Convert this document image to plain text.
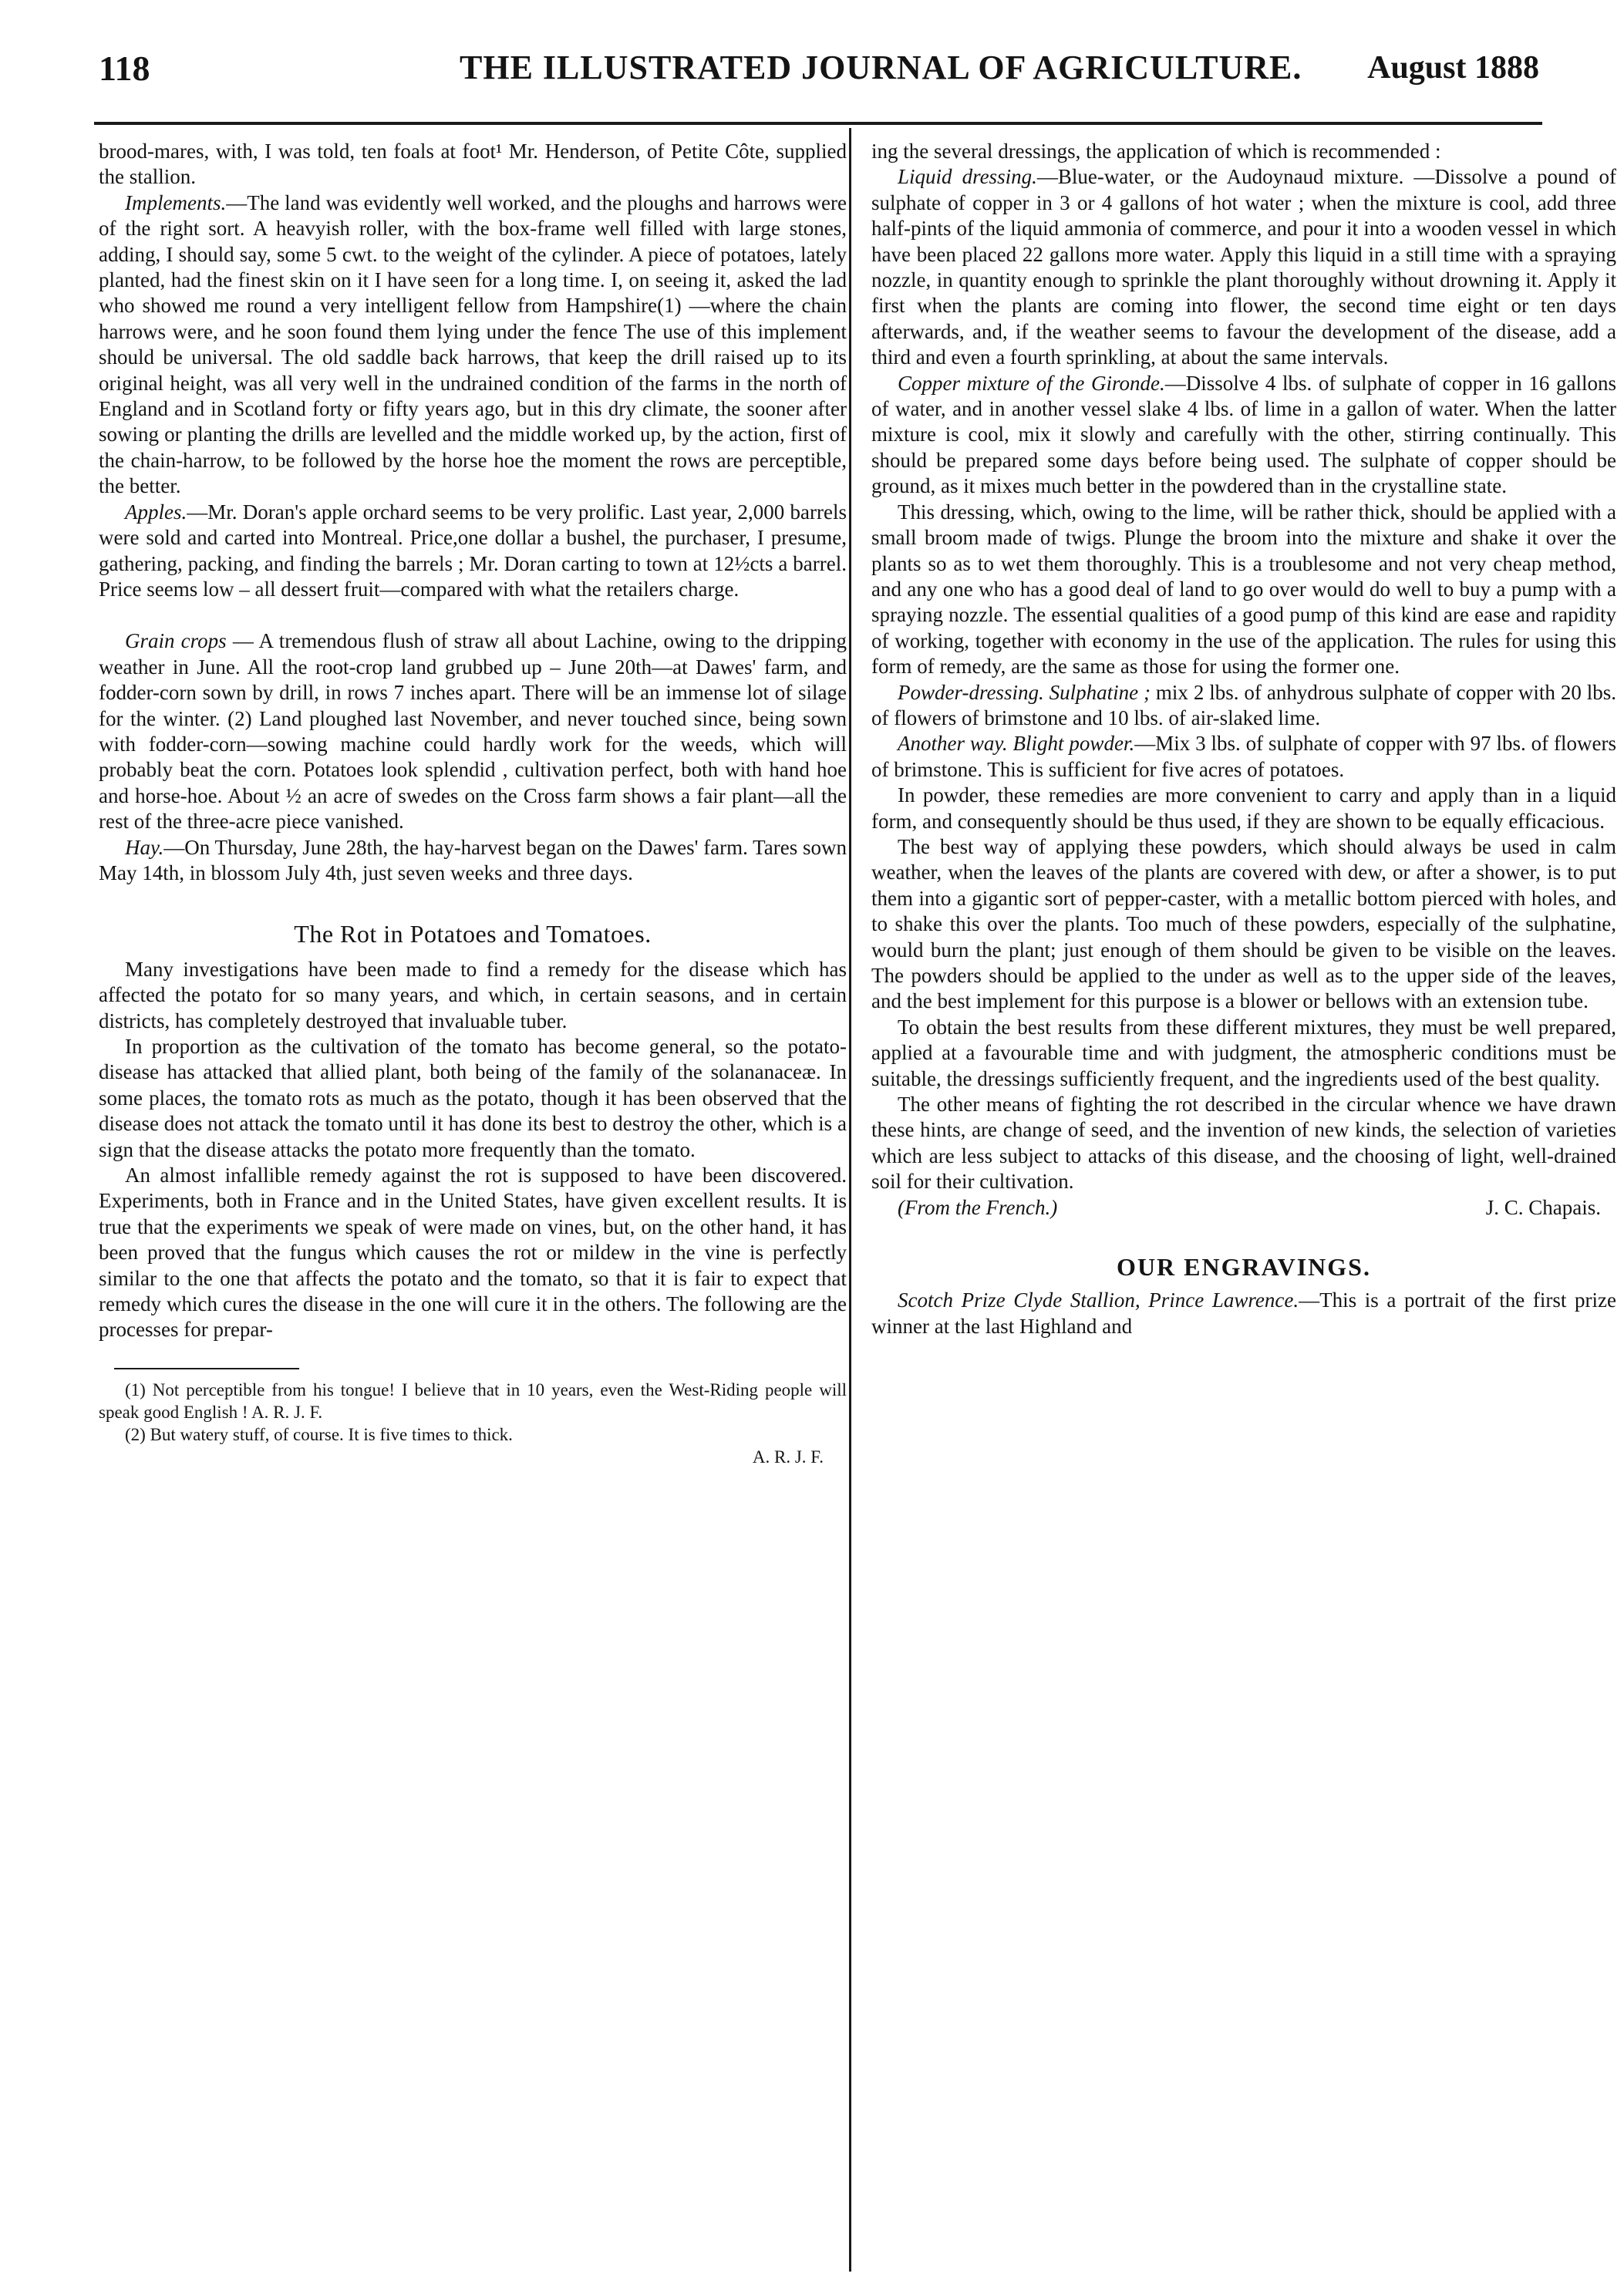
118	THE ILLUSTRATED JOURNAL OF AGRICULTURE. August 1888

brood-mares, with, I was told, ten foals at foot¹ Mr. Henderson, of Petite Côte, supplied the stallion.

Implements.—The land was evidently well worked, and the ploughs and harrows were of the right sort. A heavyish roller, with the box-frame well filled with large stones, adding, I should say, some 5 cwt. to the weight of the cylinder. A piece of potatoes, lately planted, had the finest skin on it I have seen for a long time. I, on seeing it, asked the lad who showed me round a very intelligent fellow from Hampshire(1) —where the chain harrows were, and he soon found them lying under the fence The use of this implement should be universal. The old saddle back harrows, that keep the drill raised up to its original height, was all very well in the undrained condition of the farms in the north of England and in Scotland forty or fifty years ago, but in this dry climate, the sooner after sowing or planting the drills are levelled and the middle worked up, by the action, first of the chain-harrow, to be followed by the horse hoe the moment the rows are perceptible, the better.

Apples.—Mr. Doran's apple orchard seems to be very prolific. Last year, 2,000 barrels were sold and carted into Montreal. Price,one dollar a bushel, the purchaser, I presume, gathering, packing, and finding the barrels ; Mr. Doran carting to town at 12½cts a barrel. Price seems low – all dessert fruit—compared with what the retailers charge.

Grain crops — A tremendous flush of straw all about Lachine, owing to the dripping weather in June. All the root-crop land grubbed up – June 20th—at Dawes' farm, and fodder-corn sown by drill, in rows 7 inches apart. There will be an immense lot of silage for the winter. (2) Land ploughed last November, and never touched since, being sown with fodder-corn—sowing machine could hardly work for the weeds, which will probably beat the corn. Potatoes look splendid , cultivation perfect, both with hand hoe and horse-hoe. About ½ an acre of swedes on the Cross farm shows a fair plant—all the rest of the three-acre piece vanished.

Hay.—On Thursday, June 28th, the hay-harvest began on the Dawes' farm. Tares sown May 14th, in blossom July 4th, just seven weeks and three days.

The Rot in Potatoes and Tomatoes.

Many investigations have been made to find a remedy for the disease which has affected the potato for so many years, and which, in certain seasons, and in certain districts, has completely destroyed that invaluable tuber.

In proportion as the cultivation of the tomato has become general, so the potato-disease has attacked that allied plant, both being of the family of the solananaceæ. In some places, the tomato rots as much as the potato, though it has been observed that the disease does not attack the tomato until it has done its best to destroy the other, which is a sign that the disease attacks the potato more frequently than the tomato.

An almost infallible remedy against the rot is supposed to have been discovered. Experiments, both in France and in the United States, have given excellent results. It is true that the experiments we speak of were made on vines, but, on the other hand, it has been proved that the fungus which causes the rot or mildew in the vine is perfectly similar to the one that affects the potato and the tomato, so that it is fair to expect that remedy which cures the disease in the one will cure it in the others. The following are the processes for prepar-

(1) Not perceptible from his tongue! I believe that in 10 years, even the West-Riding people will speak good English ! A. R. J. F.
(2) But watery stuff, of course. It is five times to thick.
A. R. J. F.

ing the several dressings, the application of which is recommended :

Liquid dressing.—Blue-water, or the Audoynaud mixture. —Dissolve a pound of sulphate of copper in 3 or 4 gallons of hot water ; when the mixture is cool, add three half-pints of the liquid ammonia of commerce, and pour it into a wooden vessel in which have been placed 22 gallons more water. Apply this liquid in a still time with a spraying nozzle, in quantity enough to sprinkle the plant thoroughly without drowning it. Apply it first when the plants are coming into flower, the second time eight or ten days afterwards, and, if the weather seems to favour the development of the disease, add a third and even a fourth sprinkling, at about the same intervals.

Copper mixture of the Gironde.—Dissolve 4 lbs. of sulphate of copper in 16 gallons of water, and in another vessel slake 4 lbs. of lime in a gallon of water. When the latter mixture is cool, mix it slowly and carefully with the other, stirring continually. This should be prepared some days before being used. The sulphate of copper should be ground, as it mixes much better in the powdered than in the crystalline state.

This dressing, which, owing to the lime, will be rather thick, should be applied with a small broom made of twigs. Plunge the broom into the mixture and shake it over the plants so as to wet them thoroughly. This is a troublesome and not very cheap method, and any one who has a good deal of land to go over would do well to buy a pump with a spraying nozzle. The essential qualities of a good pump of this kind are ease and rapidity of working, together with economy in the use of the application. The rules for using this form of remedy, are the same as those for using the former one.

Powder-dressing. Sulphatine ; mix 2 lbs. of anhydrous sulphate of copper with 20 lbs. of flowers of brimstone and 10 lbs. of air-slaked lime.

Another way. Blight powder.—Mix 3 lbs. of sulphate of copper with 97 lbs. of flowers of brimstone. This is sufficient for five acres of potatoes.

In powder, these remedies are more convenient to carry and apply than in a liquid form, and consequently should be thus used, if they are shown to be equally efficacious.

The best way of applying these powders, which should always be used in calm weather, when the leaves of the plants are covered with dew, or after a shower, is to put them into a gigantic sort of pepper-caster, with a metallic bottom pierced with holes, and to shake this over the plants. Too much of these powders, especially of the sulphatine, would burn the plant; just enough of them should be given to be visible on the leaves. The powders should be applied to the under as well as to the upper side of the leaves, and the best implement for this purpose is a blower or bellows with an extension tube.

To obtain the best results from these different mixtures, they must be well prepared, applied at a favourable time and with judgment, the atmospheric conditions must be suitable, the dressings sufficiently frequent, and the ingredients used of the best quality.

The other means of fighting the rot described in the circular whence we have drawn these hints, are change of seed, and the invention of new kinds, the selection of varieties which are less subject to attacks of this disease, and the choosing of light, well-drained soil for their cultivation.

(From the French.)	J. C. Chapais.
OUR ENGRAVINGS.

Scotch Prize Clyde Stallion, Prince Lawrence.—This is a portrait of the first prize winner at the last Highland and
